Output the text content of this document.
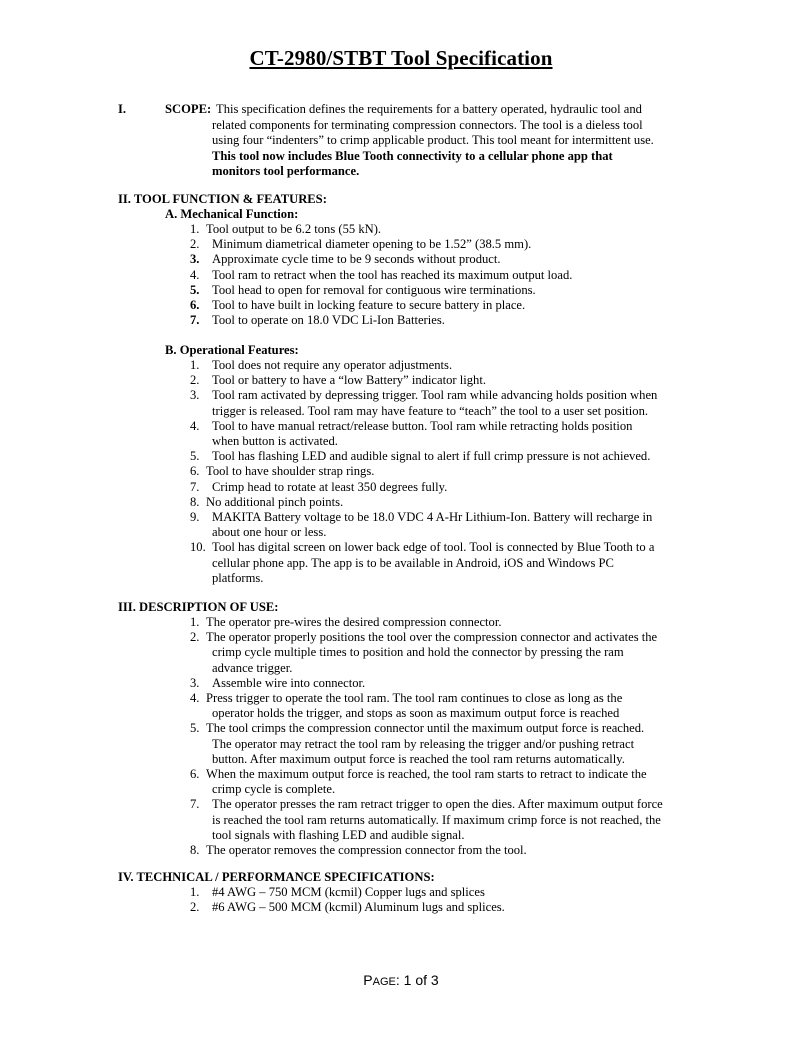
CT-2980/STBT Tool Specification
I.	SCOPE: This specification defines the requirements for a battery operated, hydraulic tool and
related components for terminating compression connectors. The tool is a dieless tool
using four “indenters” to crimp applicable product. This tool meant for intermittent use.
This tool now includes Blue Tooth connectivity to a cellular phone app that
monitors tool performance.
II. TOOL FUNCTION & FEATURES:
A. Mechanical Function:
1. Tool output to be 6.2 tons (55 kN).
2. Minimum diametrical diameter opening to be 1.52” (38.5 mm).
3. Approximate cycle time to be 9 seconds without product.
4. Tool ram to retract when the tool has reached its maximum output load.
5. Tool head to open for removal for contiguous wire terminations.
6. Tool to have built in locking feature to secure battery in place.
7. Tool to operate on 18.0 VDC Li-Ion Batteries.
B. Operational Features:
1. Tool does not require any operator adjustments.
2. Tool or battery to have a “low Battery” indicator light.
3. Tool ram activated by depressing trigger. Tool ram while advancing holds position when
trigger is released. Tool ram may have feature to “teach” the tool to a user set position.
4. Tool to have manual retract/release button. Tool ram while retracting holds position
when button is activated.
5. Tool has flashing LED and audible signal to alert if full crimp pressure is not achieved.
6. Tool to have shoulder strap rings.
7. Crimp head to rotate at least 350 degrees fully.
8. No additional pinch points.
9. MAKITA Battery voltage to be 18.0 VDC 4 A-Hr Lithium-Ion. Battery will recharge in
about one hour or less.
10. Tool has digital screen on lower back edge of tool. Tool is connected by Blue Tooth to a
cellular phone app. The app is to be available in Android, iOS and Windows PC
platforms.
III. DESCRIPTION OF USE:
1. The operator pre-wires the desired compression connector.
2. The operator properly positions the tool over the compression connector and activates the
crimp cycle multiple times to position and hold the connector by pressing the ram
advance trigger.
3. Assemble wire into connector.
4. Press trigger to operate the tool ram. The tool ram continues to close as long as the
operator holds the trigger, and stops as soon as maximum output force is reached
5. The tool crimps the compression connector until the maximum output force is reached.
The operator may retract the tool ram by releasing the trigger and/or pushing retract
button. After maximum output force is reached the tool ram returns automatically.
6. When the maximum output force is reached, the tool ram starts to retract to indicate the
crimp cycle is complete.
7. The operator presses the ram retract trigger to open the dies. After maximum output force
is reached the tool ram returns automatically. If maximum crimp force is not reached, the
tool signals with flashing LED and audible signal.
8. The operator removes the compression connector from the tool.
IV. TECHNICAL / PERFORMANCE SPECIFICATIONS:
1. #4 AWG – 750 MCM (kcmil) Copper lugs and splices
2. #6 AWG – 500 MCM (kcmil) Aluminum lugs and splices.
PAGE: 1 of 3
